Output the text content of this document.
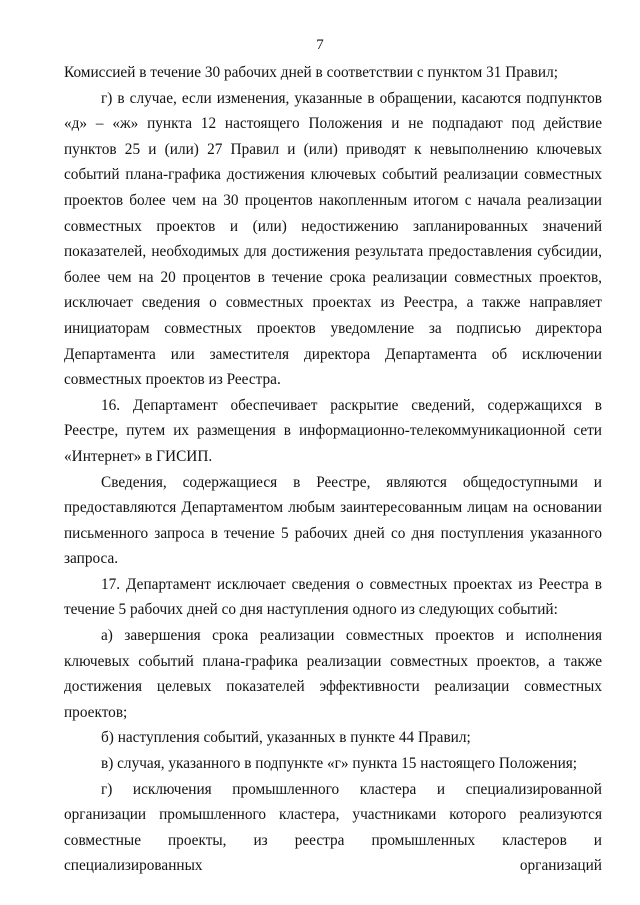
7

Комиссией в течение 30 рабочих дней в соответствии с пунктом 31 Правил;

г) в случае, если изменения, указанные в обращении, касаются подпунктов «д» – «ж» пункта 12 настоящего Положения и не подпадают под действие пунктов 25 и (или) 27 Правил и (или) приводят к невыполнению ключевых событий плана-графика достижения ключевых событий реализации совместных проектов более чем на 30 процентов накопленным итогом с начала реализации совместных проектов и (или) недостижению запланированных значений показателей, необходимых для достижения результата предоставления субсидии, более чем на 20 процентов в течение срока реализации совместных проектов, исключает сведения о совместных проектах из Реестра, а также направляет инициаторам совместных проектов уведомление за подписью директора Департамента или заместителя директора Департамента об исключении совместных проектов из Реестра.

16. Департамент обеспечивает раскрытие сведений, содержащихся в Реестре, путем их размещения в информационно-телекоммуникационной сети «Интернет» в ГИСИП.

Сведения, содержащиеся в Реестре, являются общедоступными и предоставляются Департаментом любым заинтересованным лицам на основании письменного запроса в течение 5 рабочих дней со дня поступления указанного запроса.

17. Департамент исключает сведения о совместных проектах из Реестра в течение 5 рабочих дней со дня наступления одного из следующих событий:

а) завершения срока реализации совместных проектов и исполнения ключевых событий плана-графика реализации совместных проектов, а также достижения целевых показателей эффективности реализации совместных проектов;

б) наступления событий, указанных в пункте 44 Правил;

в) случая, указанного в подпункте «г» пункта 15 настоящего Положения;

г) исключения промышленного кластера и специализированной организации промышленного кластера, участниками которого реализуются совместные проекты, из реестра промышленных кластеров и специализированных организаций
